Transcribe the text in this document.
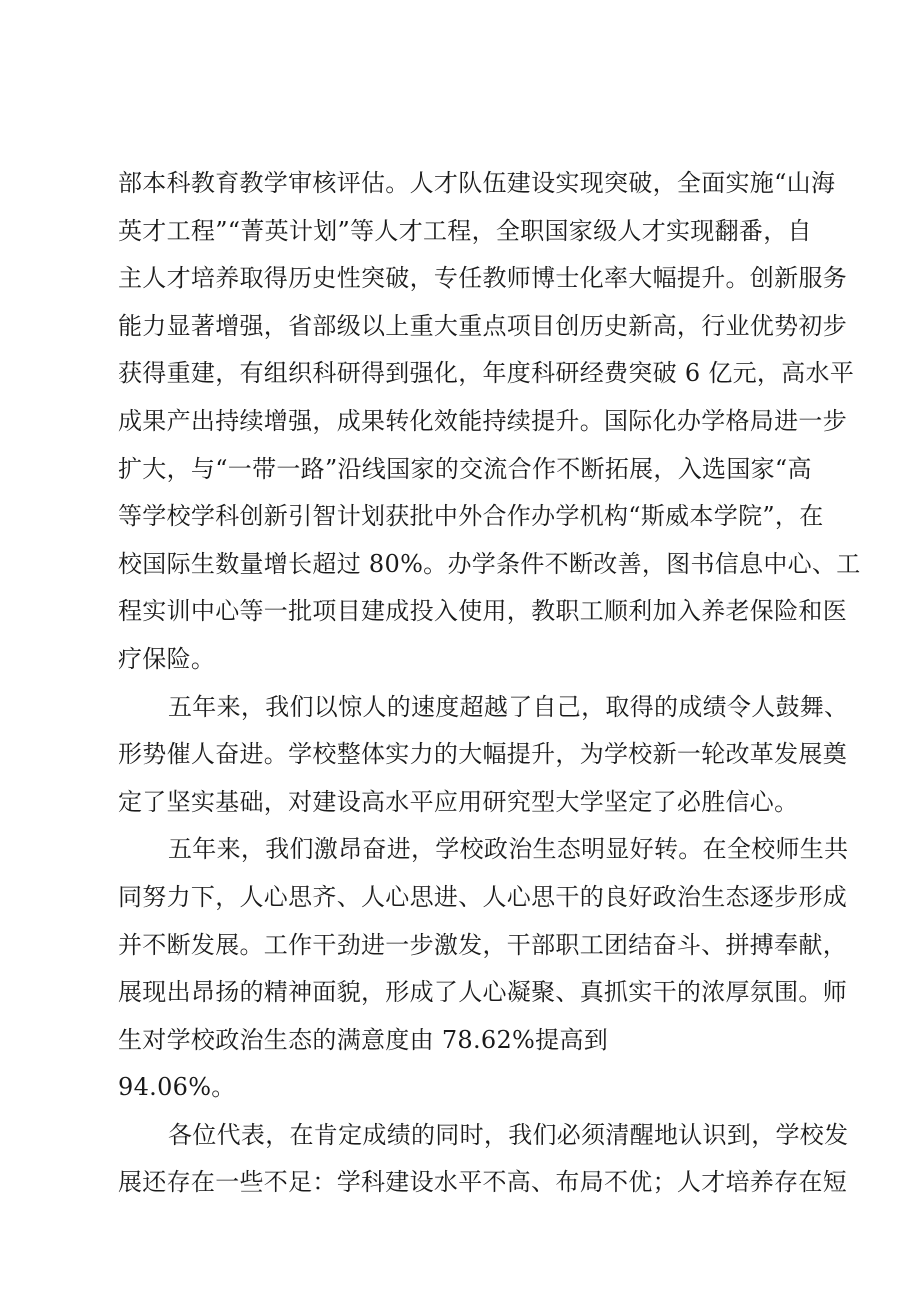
部本科教育教学审核评估。人才队伍建设实现突破，全面实施“山海
英才工程”“菁英计划”等人才工程，全职国家级人才实现翻番，自
主人才培养取得历史性突破，专任教师博士化率大幅提升。创新服务
能力显著增强，省部级以上重大重点项目创历史新高，行业优势初步
获得重建，有组织科研得到强化，年度科研经费突破 6 亿元，高水平
成果产出持续增强，成果转化效能持续提升。国际化办学格局进一步
扩大，与“一带一路”沿线国家的交流合作不断拓展，入选国家“高
等学校学科创新引智计划获批中外合作办学机构“斯威本学院”，在
校国际生数量增长超过 80%。办学条件不断改善，图书信息中心、工
程实训中心等一批项目建成投入使用，教职工顺利加入养老保险和医
疗保险。

五年来，我们以惊人的速度超越了自己，取得的成绩令人鼓舞、
形势催人奋进。学校整体实力的大幅提升，为学校新一轮改革发展奠
定了坚实基础，对建设高水平应用研究型大学坚定了必胜信心。

五年来，我们激昂奋进，学校政治生态明显好转。在全校师生共
同努力下，人心思齐、人心思进、人心思干的良好政治生态逐步形成
并不断发展。工作干劲进一步激发，干部职工团结奋斗、拼搏奉献，
展现出昂扬的精神面貌，形成了人心凝聚、真抓实干的浓厚氛围。师
生对学校政治生态的满意度由 78.62%提高到
94.06%。

各位代表，在肯定成绩的同时，我们必须清醒地认识到，学校发
展还存在一些不足：学科建设水平不高、布局不优；人才培养存在短
